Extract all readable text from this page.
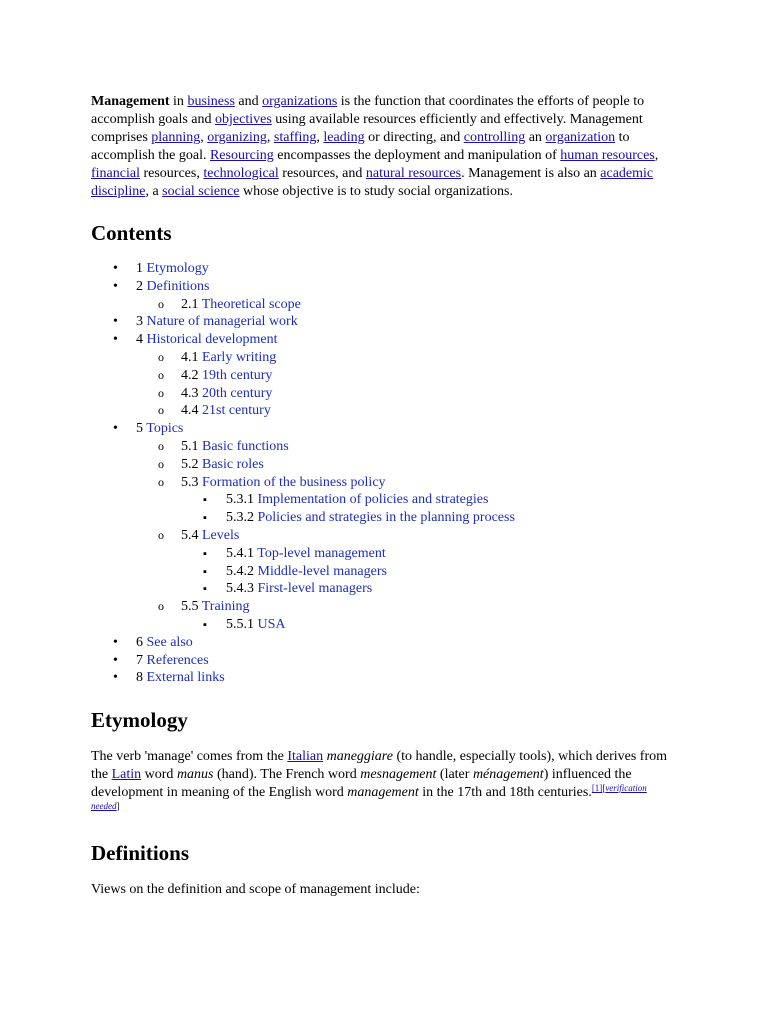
Management in business and organizations is the function that coordinates the efforts of people to accomplish goals and objectives using available resources efficiently and effectively. Management comprises planning, organizing, staffing, leading or directing, and controlling an organization to accomplish the goal. Resourcing encompasses the deployment and manipulation of human resources, financial resources, technological resources, and natural resources. Management is also an academic discipline, a social science whose objective is to study social organizations.

Contents
•
1 Etymology
•
2 Definitions
o
2.1 Theoretical scope
•
3 Nature of managerial work
•
4 Historical development
o
4.1 Early writing
o
4.2 19th century
o
4.3 20th century
o
4.4 21st century
•
5 Topics
o
5.1 Basic functions
o
5.2 Basic roles
o
5.3 Formation of the business policy
▪
5.3.1 Implementation of policies and strategies
▪
5.3.2 Policies and strategies in the planning process
o
5.4 Levels
▪
5.4.1 Top-level management
▪
5.4.2 Middle-level managers
▪
5.4.3 First-level managers
o
5.5 Training
▪
5.5.1 USA
•
6 See also
•
7 References
•
8 External links
Etymology

The verb 'manage' comes from the Italian maneggiare (to handle, especially tools), which derives from the Latin word manus (hand). The French word mesnagement (later ménagement) influenced the development in meaning of the English word management in the 17th and 18th centuries.[1][verification needed]

Definitions

Views on the definition and scope of management include:
